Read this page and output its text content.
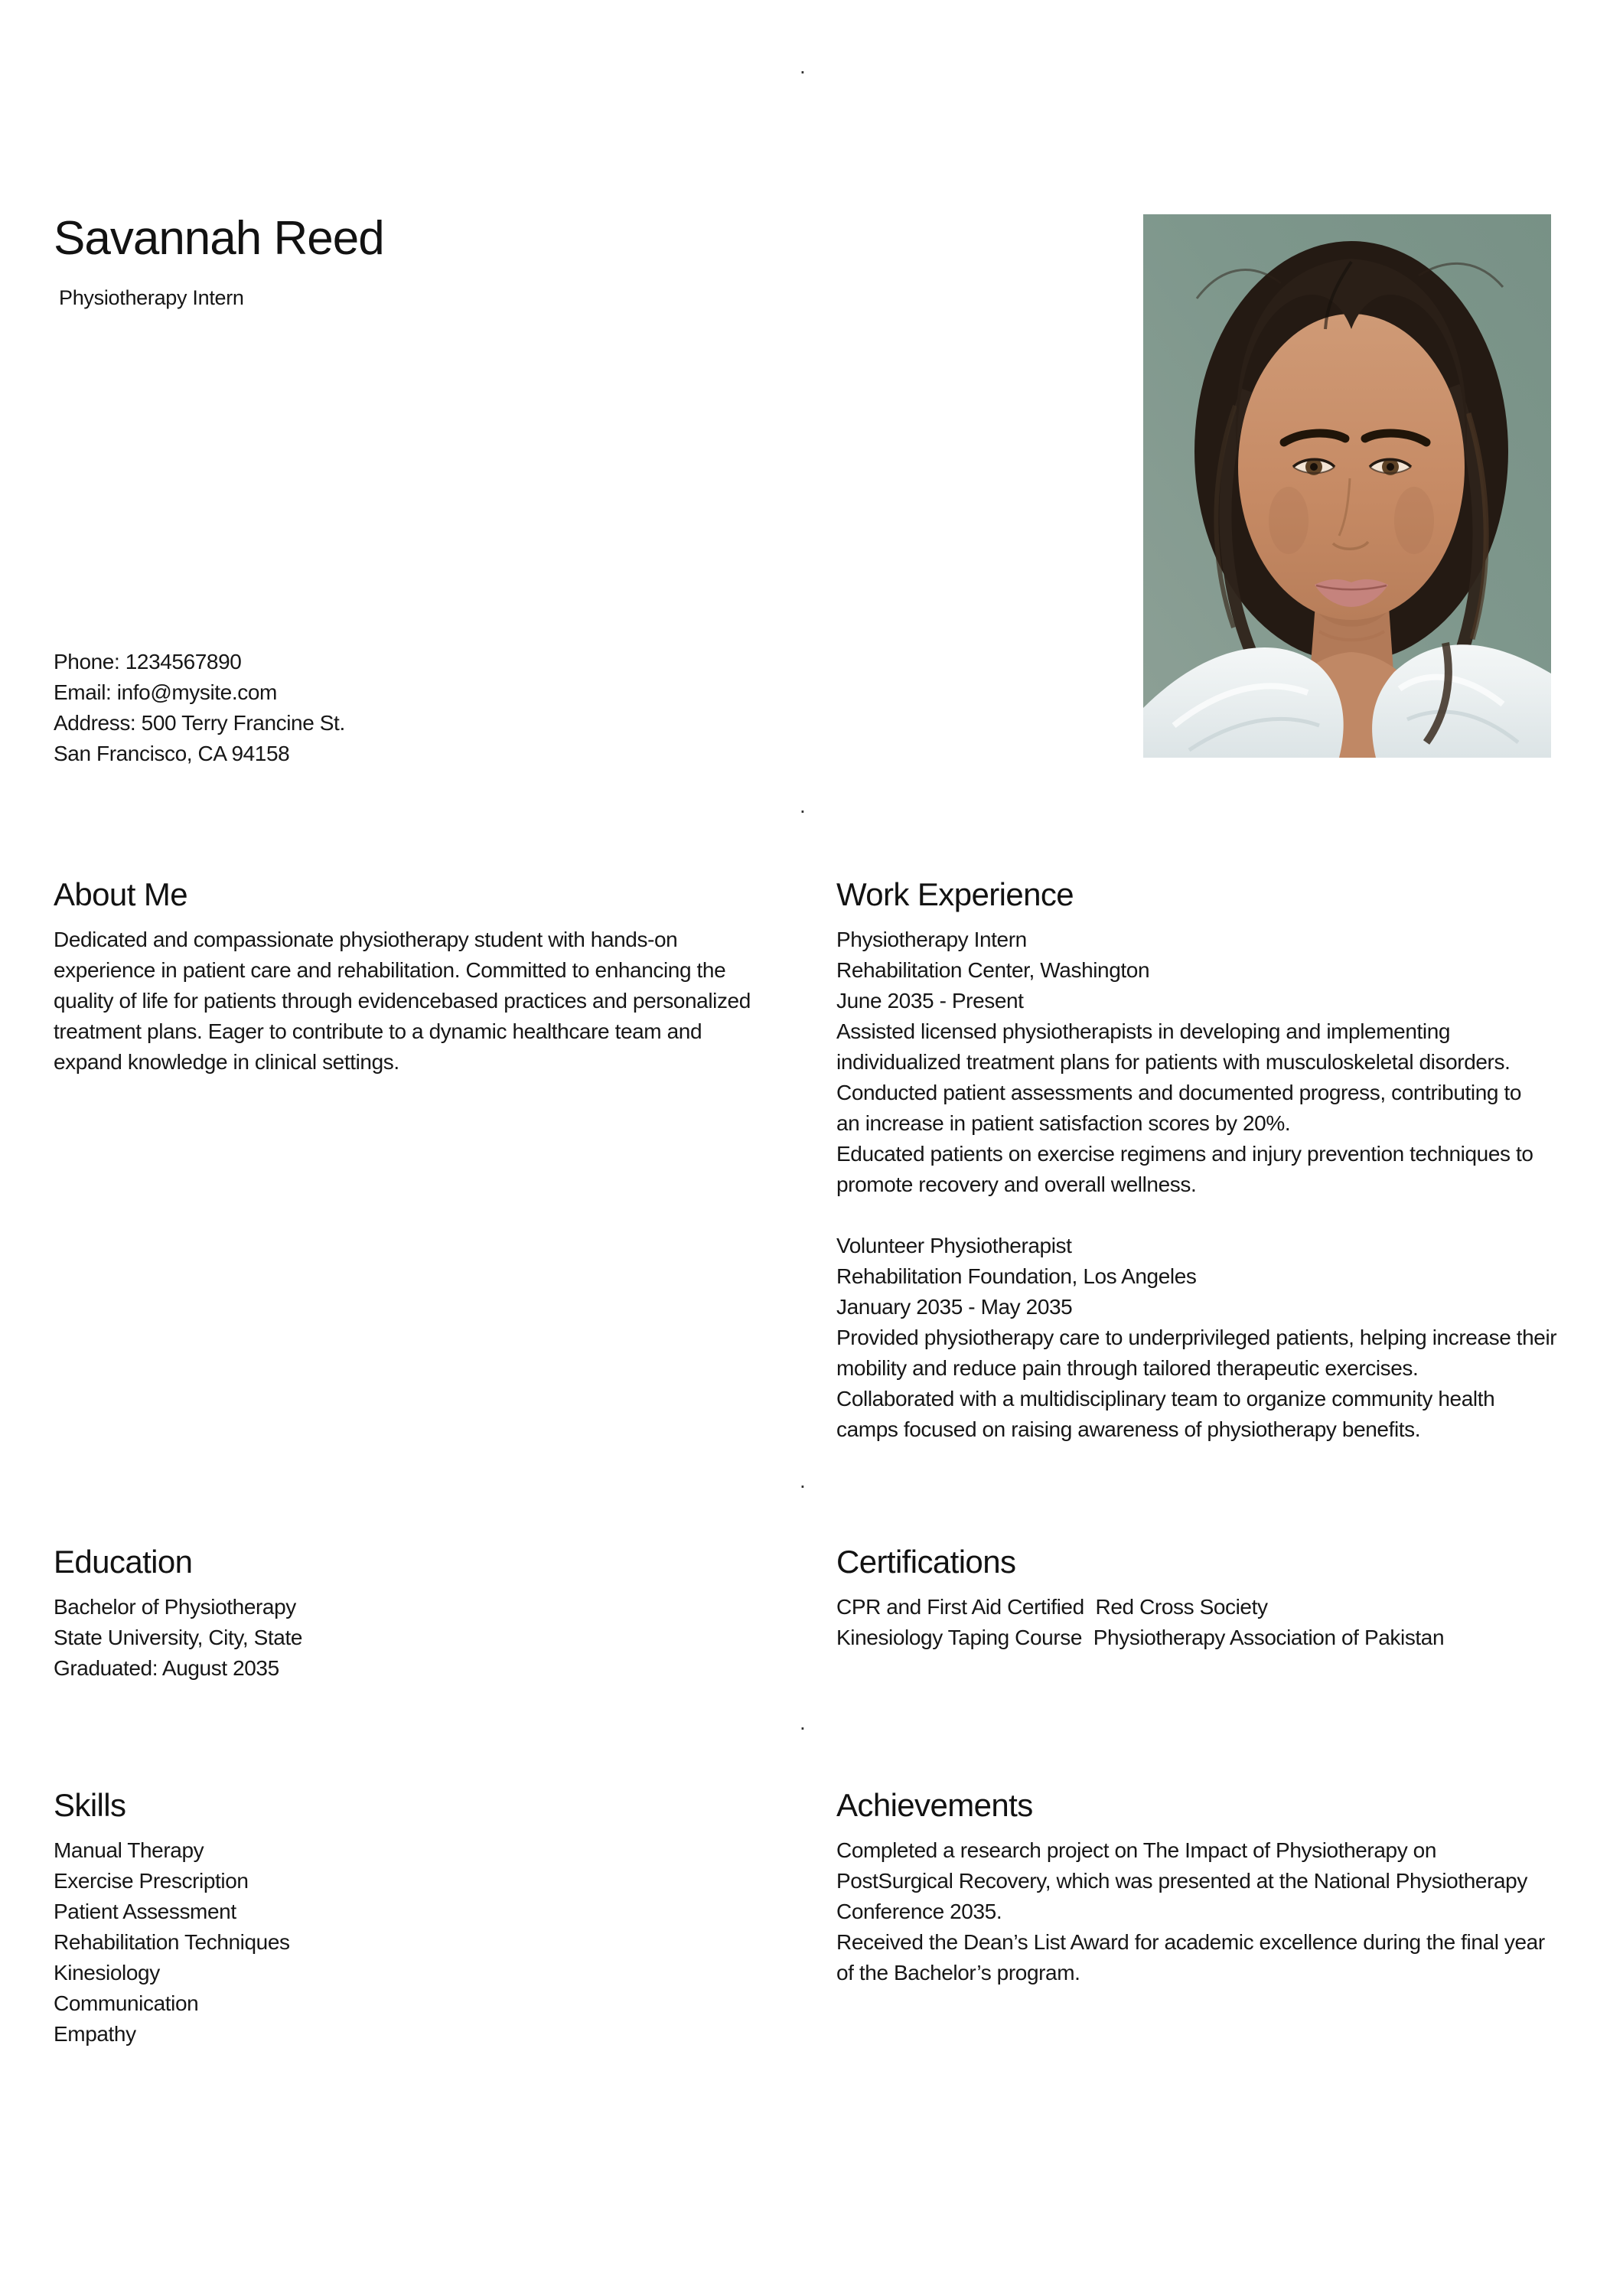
.
.
.
.
Savannah Reed
Physiotherapy Intern
Phone: 1234567890
Email: info@mysite.com
Address: 500 Terry Francine St.
San Francisco, CA 94158
About Me
Dedicated and compassionate physiotherapy student with hands-on
experience in patient care and rehabilitation. Committed to enhancing the
quality of life for patients through evidencebased practices and personalized
treatment plans. Eager to contribute to a dynamic healthcare team and
expand knowledge in clinical settings.
Work Experience
Physiotherapy Intern
Rehabilitation Center, Washington
June 2035 - Present
Assisted licensed physiotherapists in developing and implementing
individualized treatment plans for patients with musculoskeletal disorders.
Conducted patient assessments and documented progress, contributing to
an increase in patient satisfaction scores by 20%.
Educated patients on exercise regimens and injury prevention techniques to
promote recovery and overall wellness.
Volunteer Physiotherapist
Rehabilitation Foundation, Los Angeles
January 2035 - May 2035
Provided physiotherapy care to underprivileged patients, helping increase their
mobility and reduce pain through tailored therapeutic exercises.
Collaborated with a multidisciplinary team to organize community health
camps focused on raising awareness of physiotherapy benefits.
Education
Bachelor of Physiotherapy
State University, City, State
Graduated: August 2035
Certifications
CPR and First Aid Certified  Red Cross Society
Kinesiology Taping Course  Physiotherapy Association of Pakistan
Skills
Manual Therapy
Exercise Prescription
Patient Assessment
Rehabilitation Techniques
Kinesiology
Communication
Empathy
Achievements
Completed a research project on The Impact of Physiotherapy on
PostSurgical Recovery, which was presented at the National Physiotherapy
Conference 2035.
Received the Dean’s List Award for academic excellence during the final year
of the Bachelor’s program.
